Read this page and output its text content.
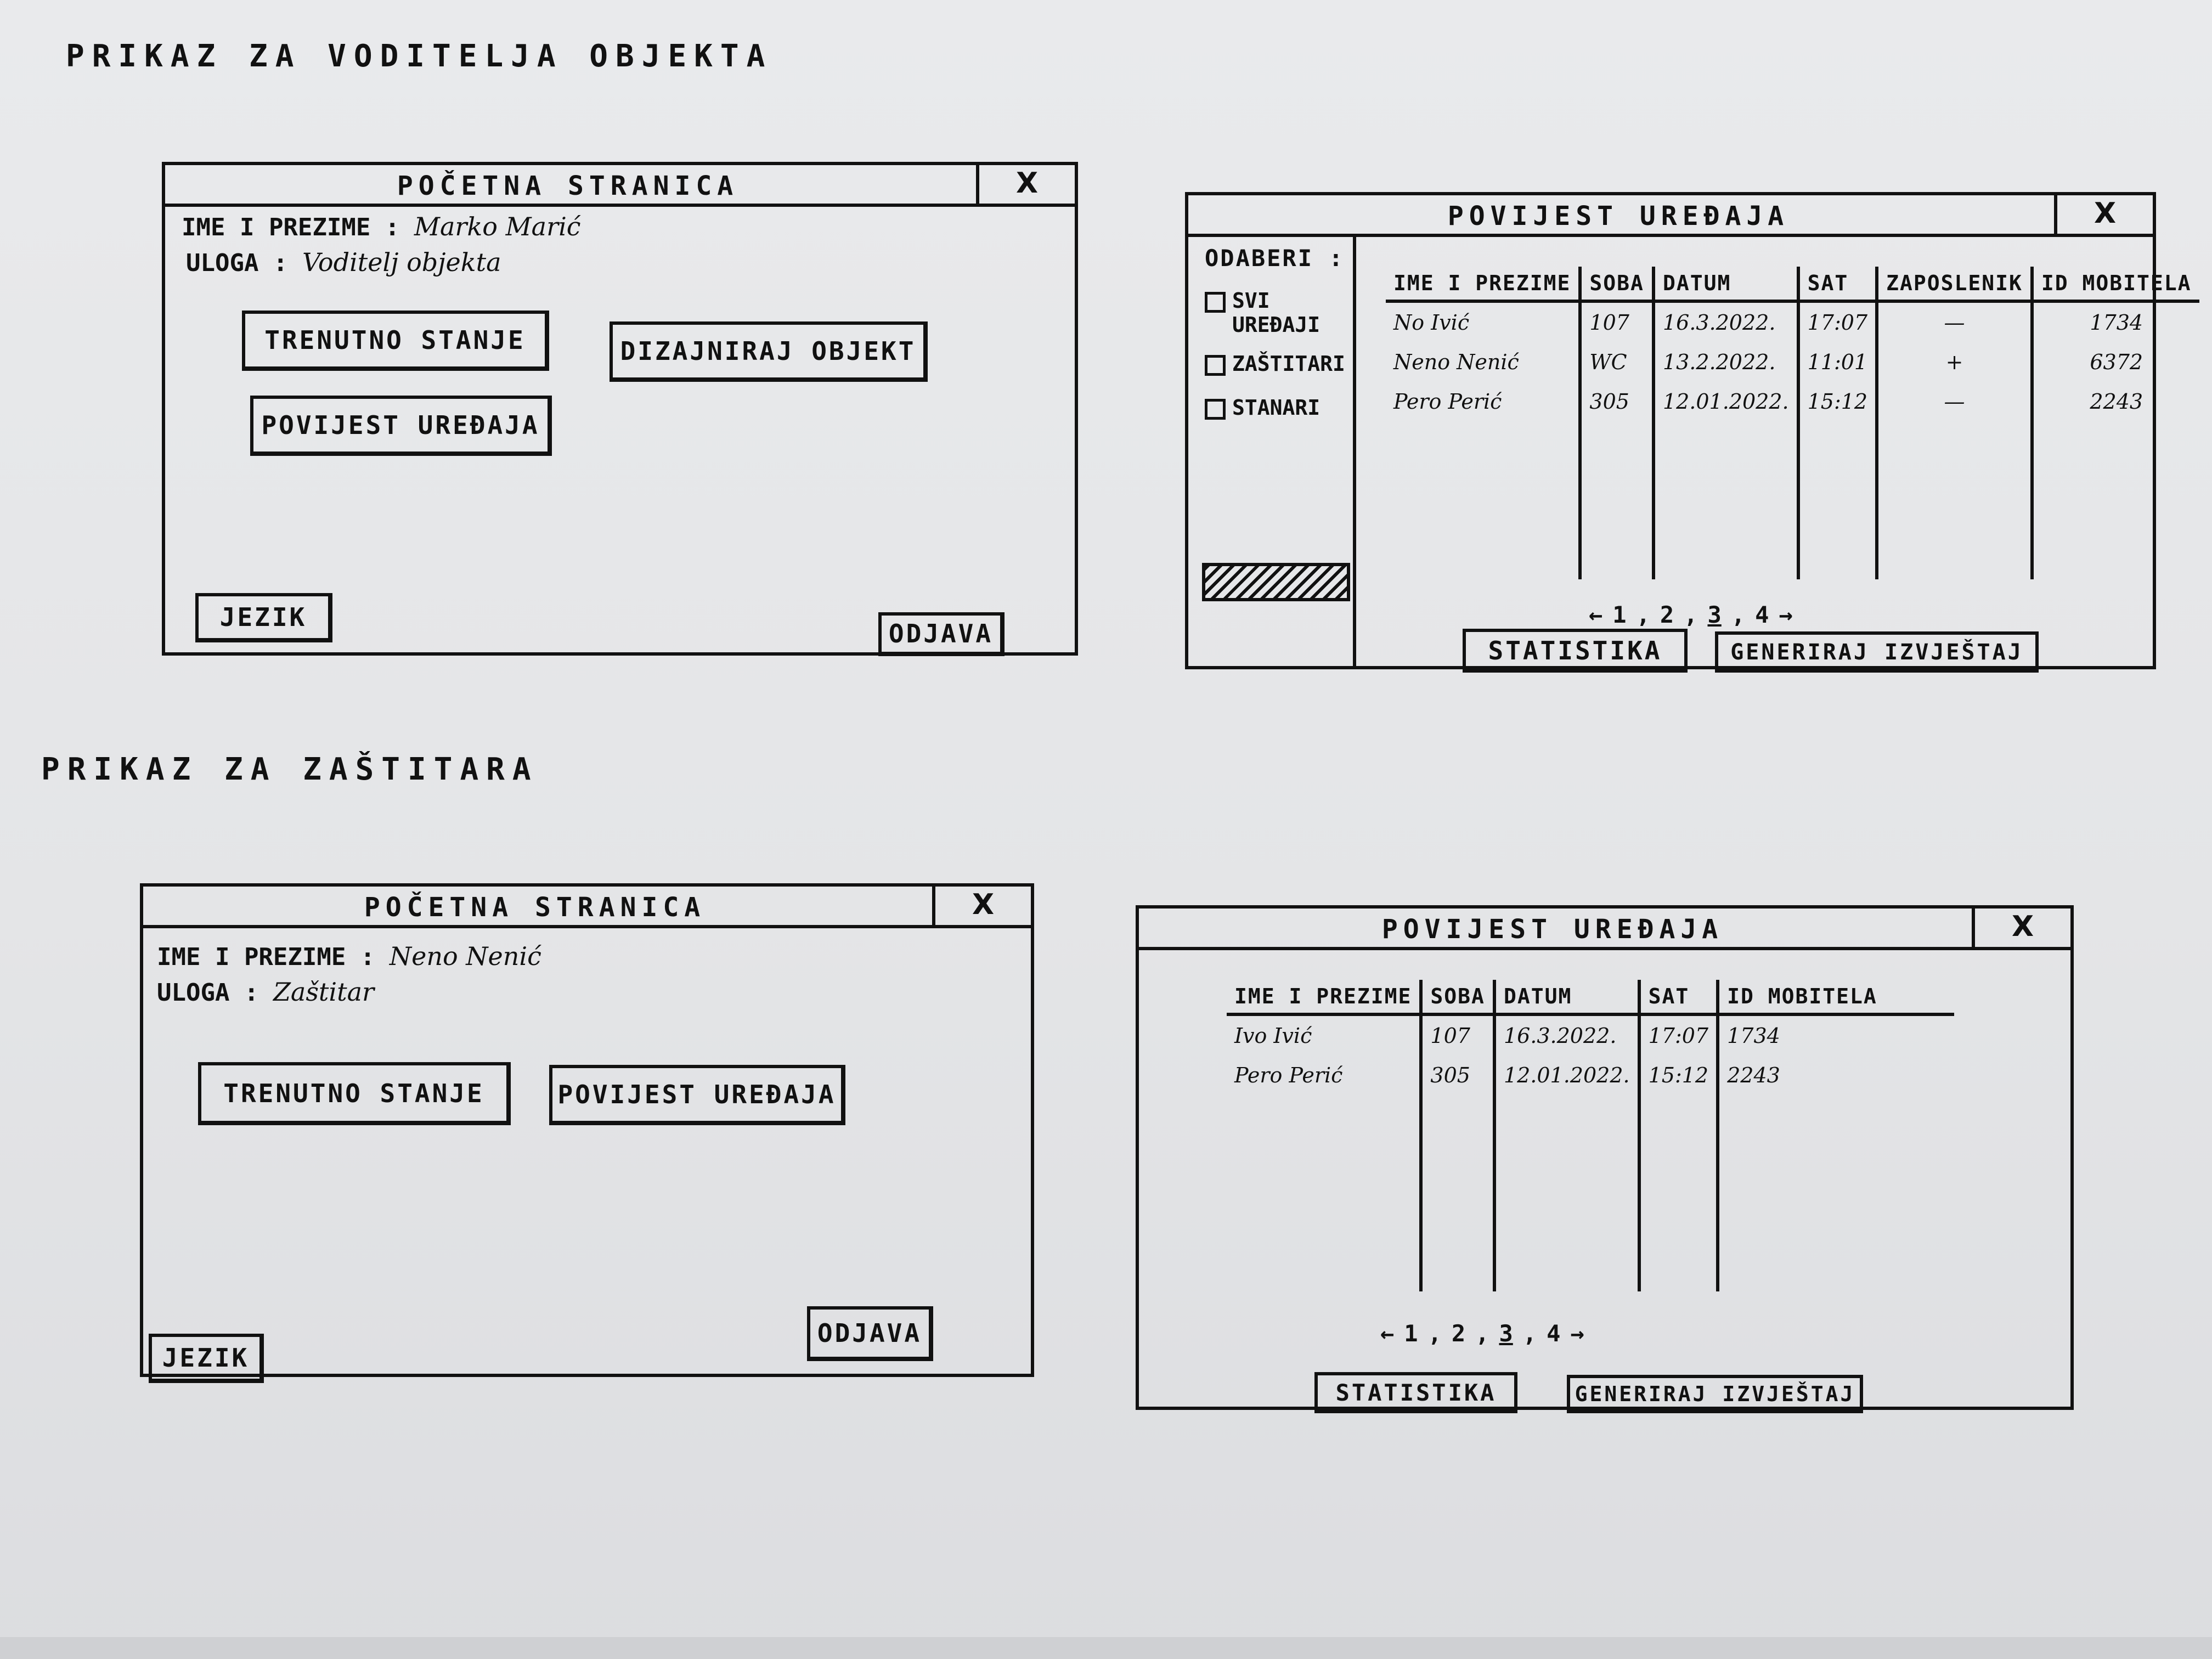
PRIKAZ ZA VODITELJA OBJEKTA
PRIKAZ ZA ZAŠTITARA
POČETNA STRANICA	X
IME I PREZIME : Marko Marić
ULOGA : Voditelj objekta
TRENUTNO STANJE	DIZAJNIRAJ OBJEKT
POVIJEST UREĐAJA
JEZIK
ODJAVA
POVIJEST UREĐAJA	X
ODABERI :
SVI UREĐAJI
ZAŠTITARI
STANARI
IME I PREZIME	SOBA	DATUM	SAT	ZAPOSLENIK	ID MOBITELA
No Ivić	107	16.3.2022.	17:07	—	1734
Neno Nenić	WC	13.2.2022.	11:01	+	6372
Pero Perić	305	12.01.2022.	15:12	—	2243

← 1 , 2 , 3 , 4 →
STATISTIKA	GENERIRAJ IZVJEŠTAJ
POČETNA STRANICA	X
IME I PREZIME : Neno Nenić
ULOGA : Zaštitar
TRENUTNO STANJE	POVIJEST UREĐAJA
JEZIK
ODJAVA
POVIJEST UREĐAJA	X
IME I PREZIME	SOBA	DATUM	SAT	ID MOBITELA
Ivo Ivić	107	16.3.2022.	17:07	1734
Pero Perić	305	12.01.2022.	15:12	2243

← 1 , 2 , 3 , 4 →
STATISTIKA	GENERIRAJ IZVJEŠTAJ
